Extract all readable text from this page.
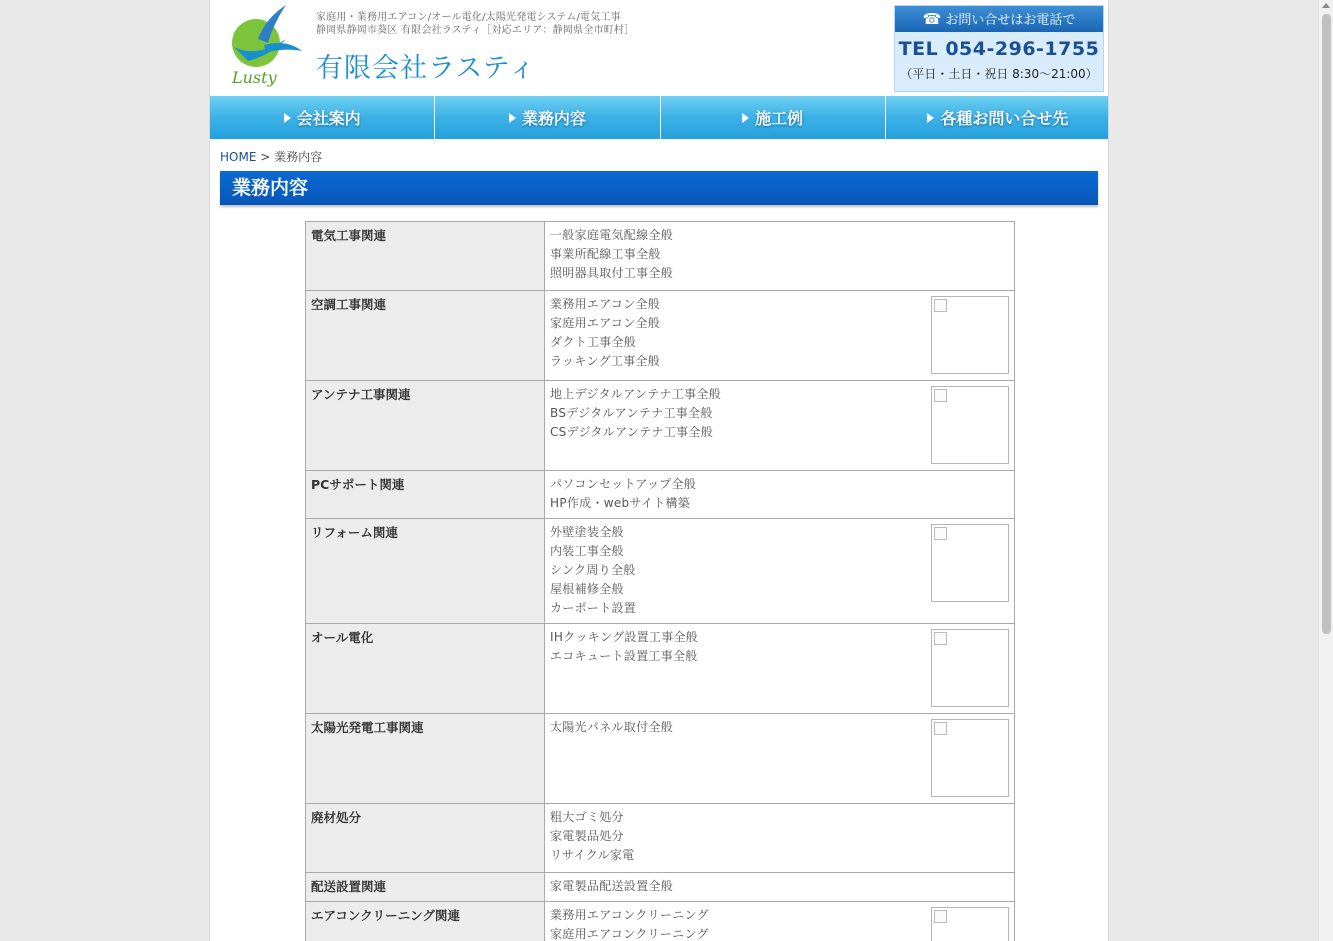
Lusty
家庭用・業務用エアコン/オール電化/太陽光発電システム/電気工事
静岡県静岡市葵区 有限会社ラスティ［対応エリア：静岡県全市町村］
有限会社ラスティ
☎ お問い合せはお電話で
TEL 054-296-1755
（平日・土日・祝日 8:30〜21:00）
会社案内	業務内容	施工例	各種お問い合せ先
HOME > 業務内容
業務内容
電気工事関連	一般家庭電気配線全般
事業所配線工事全般
照明器具取付工事全般

空調工事関連	業務用エアコン全般
家庭用エアコン全般
ダクト工事全般
ラッキング工事全般

アンテナ工事関連	地上デジタルアンテナ工事全般
BSデジタルアンテナ工事全般
CSデジタルアンテナ工事全般

PCサポート関連	パソコンセットアップ全般
HP作成・webサイト構築

リフォーム関連	外壁塗装全般
内装工事全般
シンク周り全般
屋根補修全般
カーポート設置

オール電化	IHクッキング設置工事全般
エコキュート設置工事全般

太陽光発電工事関連	太陽光パネル取付全般

廃材処分	粗大ゴミ処分
家電製品処分
リサイクル家電

配送設置関連	家電製品配送設置全般

エアコンクリーニング関連	業務用エアコンクリーニング
家庭用エアコンクリーニング
